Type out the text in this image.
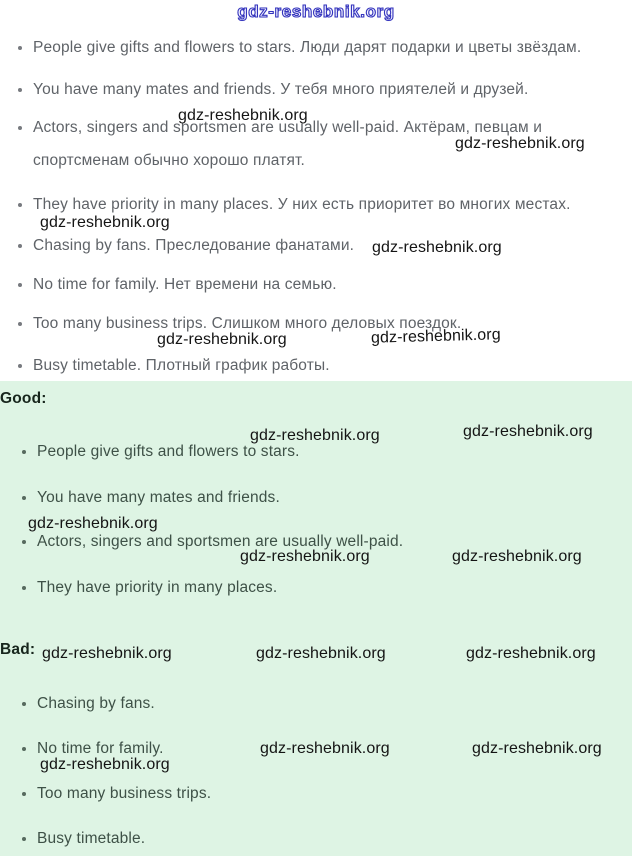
gdz-reshebnik.org
People give gifts and flowers to stars. Люди дарят подарки и цветы звёздам.
You have many mates and friends. У тебя много приятелей и друзей.
Actors, singers and sportsmen are usually well-paid. Актёрам, певцам и
спортсменам обычно хорошо платят.
They have priority in many places. У них есть приоритет во многих местах.
Chasing by fans. Преследование фанатами.
No time for family. Нет времени на семью.
Too many business trips. Слишком много деловых поездок.
Busy timetable. Плотный график работы.
gdz-reshebnik.org
gdz-reshebnik.org
gdz-reshebnik.org
gdz-reshebnik.org
gdz-reshebnik.org	gdz-reshebnik.org
Good:
People give gifts and flowers to stars.
You have many mates and friends.
Actors, singers and sportsmen are usually well-paid.
They have priority in many places.
gdz-reshebnik.org	gdz-reshebnik.org
gdz-reshebnik.org
gdz-reshebnik.org	gdz-reshebnik.org
Bad:
Chasing by fans.
No time for family.
Too many business trips.
Busy timetable.
gdz-reshebnik.org	gdz-reshebnik.org	gdz-reshebnik.org
gdz-reshebnik.org	gdz-reshebnik.org
gdz-reshebnik.org
